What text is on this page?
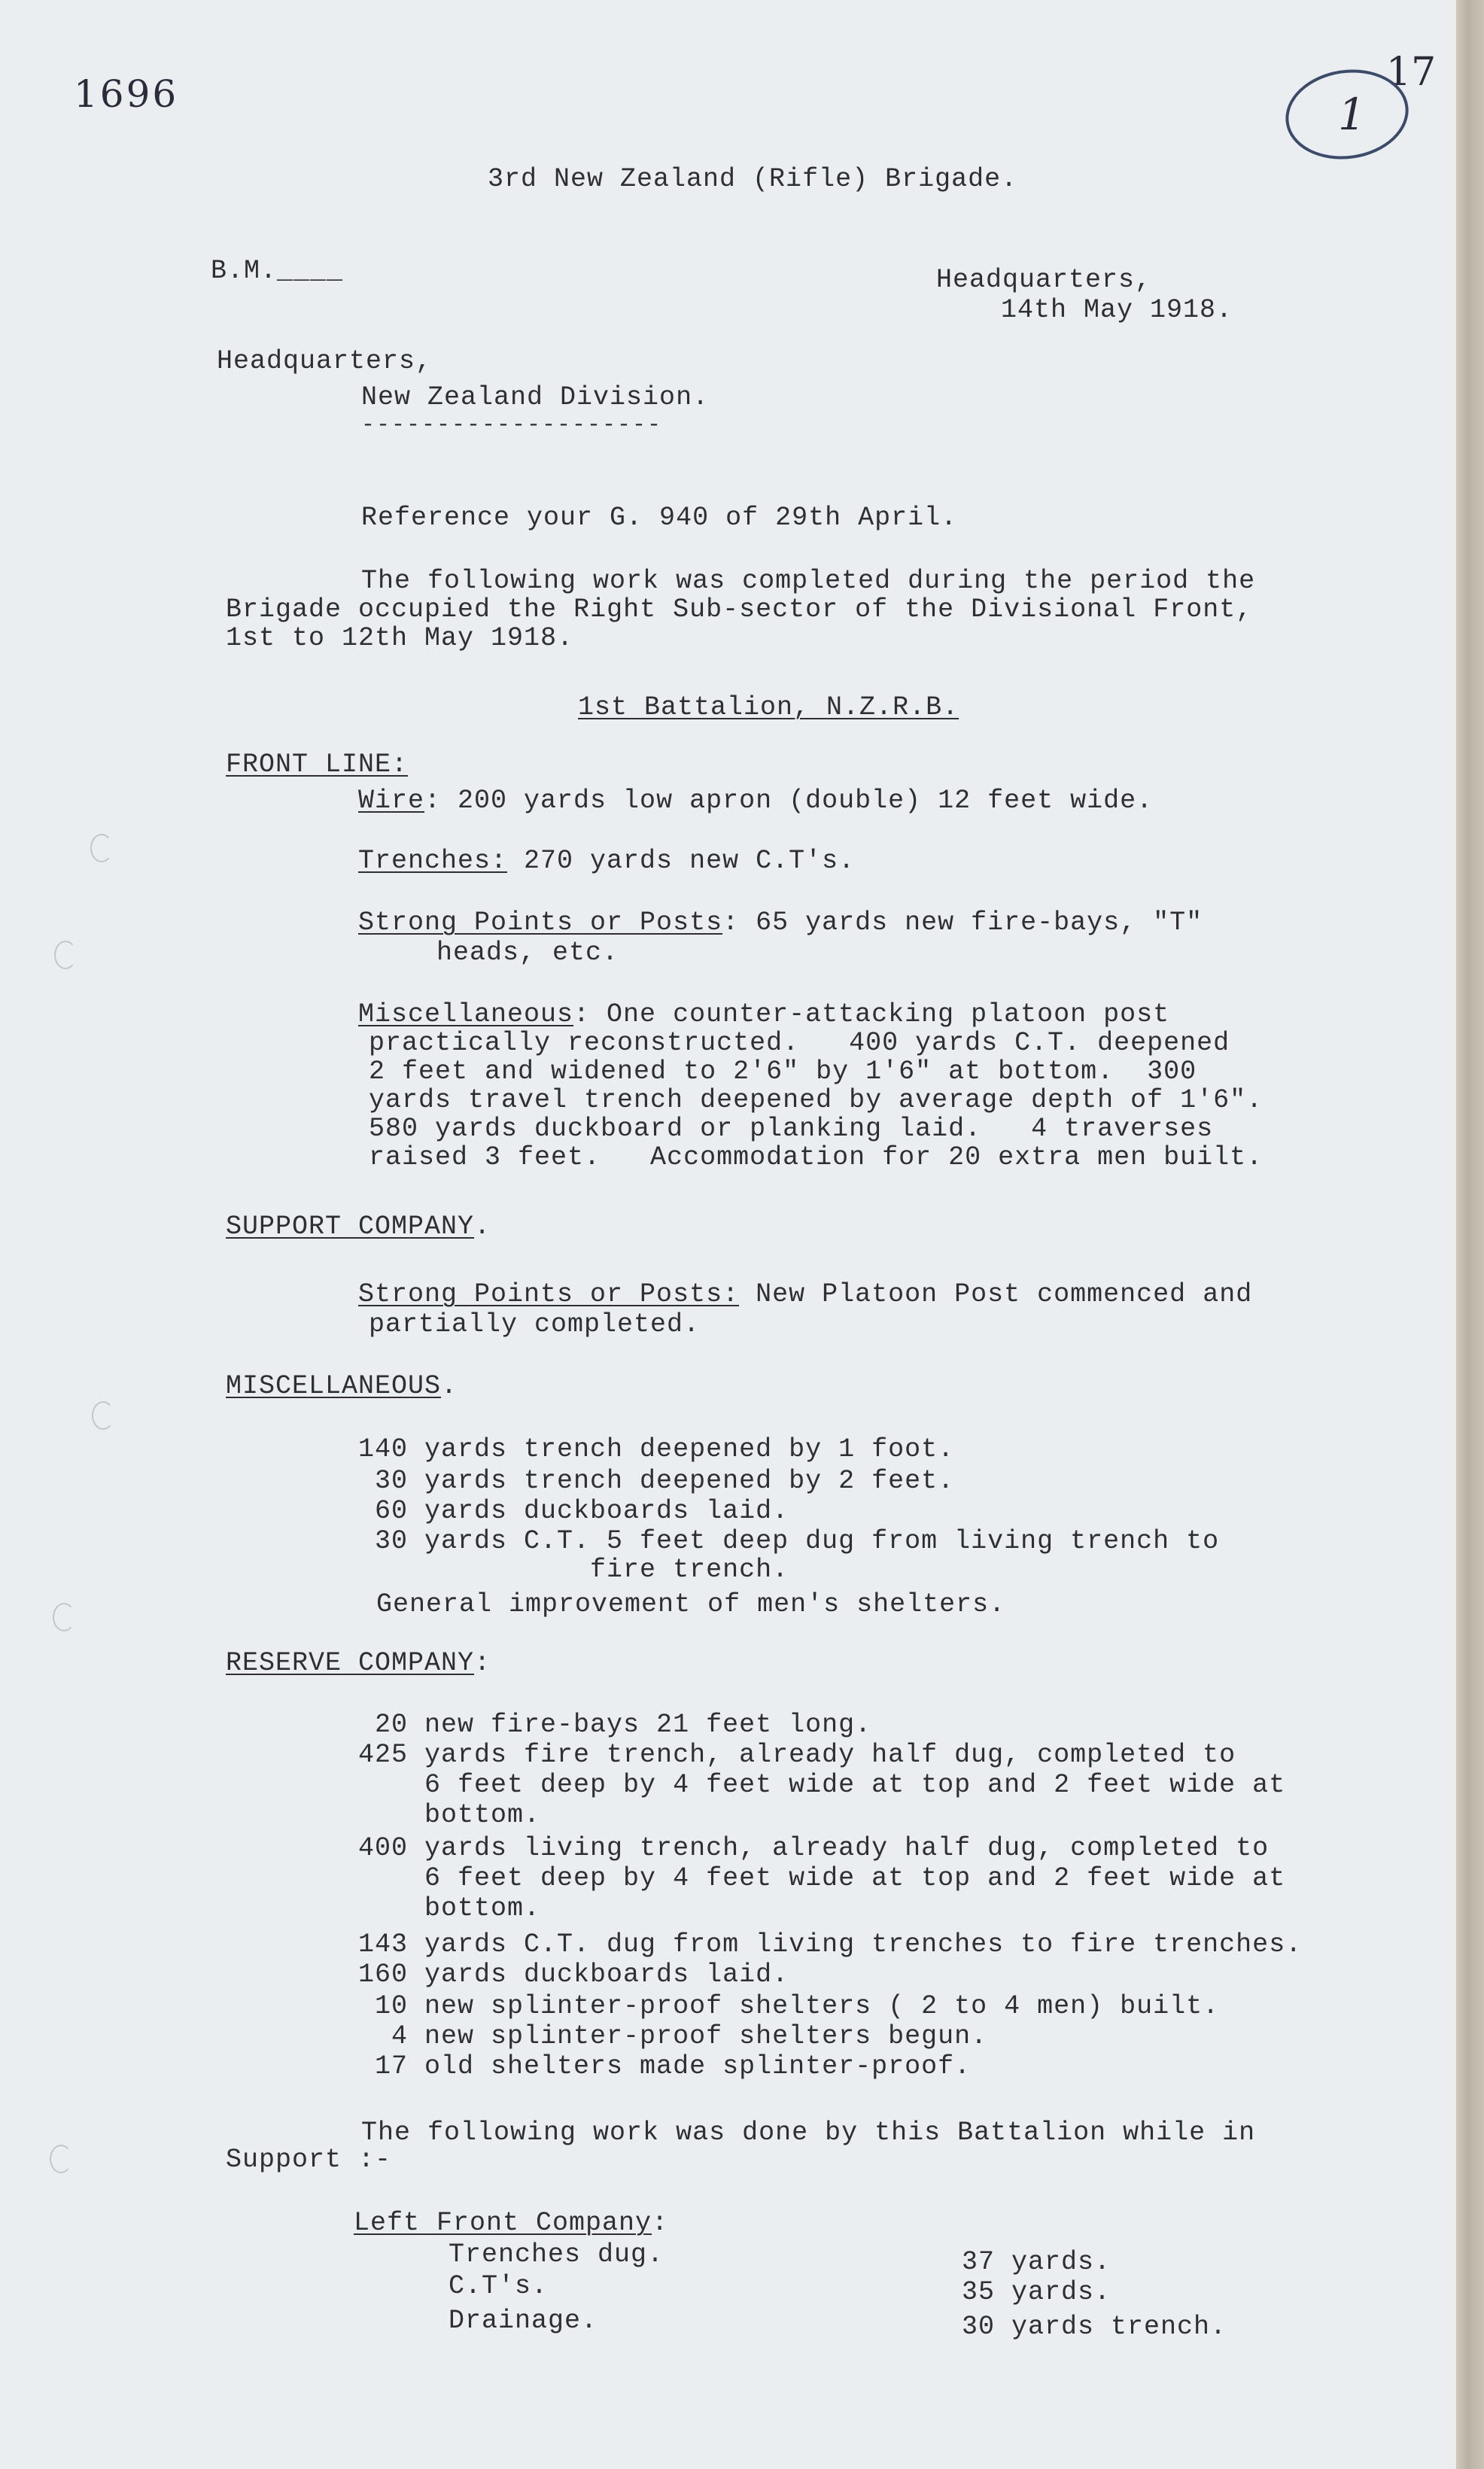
1696	17
1
3rd New Zealand (Rifle) Brigade.
B.M.____	Headquarters,
14th May 1918.
Headquarters,
New Zealand Division.
--------------------
Reference your G. 940 of 29th April.
The following work was completed during the period the
Brigade occupied the Right Sub-sector of the Divisional Front,
1st to 12th May 1918.
1st Battalion, N.Z.R.B.
FRONT LINE:
Wire: 200 yards low apron (double) 12 feet wide.
Trenches: 270 yards new C.T's.
Strong Points or Posts: 65 yards new fire-bays, "T"
heads, etc.
Miscellaneous: One counter-attacking platoon post
practically reconstructed.   400 yards C.T. deepened
2 feet and widened to 2'6" by 1'6" at bottom.  300
yards travel trench deepened by average depth of 1'6".
580 yards duckboard or planking laid.   4 traverses
raised 3 feet.   Accommodation for 20 extra men built.
SUPPORT COMPANY.
Strong Points or Posts: New Platoon Post commenced and
partially completed.
MISCELLANEOUS.
140 yards trench deepened by 1 foot.
30 yards trench deepened by 2 feet.
60 yards duckboards laid.
30 yards C.T. 5 feet deep dug from living trench to
fire trench.
General improvement of men's shelters.
RESERVE COMPANY:
20 new fire-bays 21 feet long.
425 yards fire trench, already half dug, completed to
6 feet deep by 4 feet wide at top and 2 feet wide at
bottom.
400 yards living trench, already half dug, completed to
6 feet deep by 4 feet wide at top and 2 feet wide at
bottom.
143 yards C.T. dug from living trenches to fire trenches.
160 yards duckboards laid.
10 new splinter-proof shelters ( 2 to 4 men) built.
4 new splinter-proof shelters begun.
17 old shelters made splinter-proof.
The following work was done by this Battalion while in
Support :-
Left Front Company:
Trenches dug.	37 yards.
C.T's.	35 yards.
Drainage.	30 yards trench.
